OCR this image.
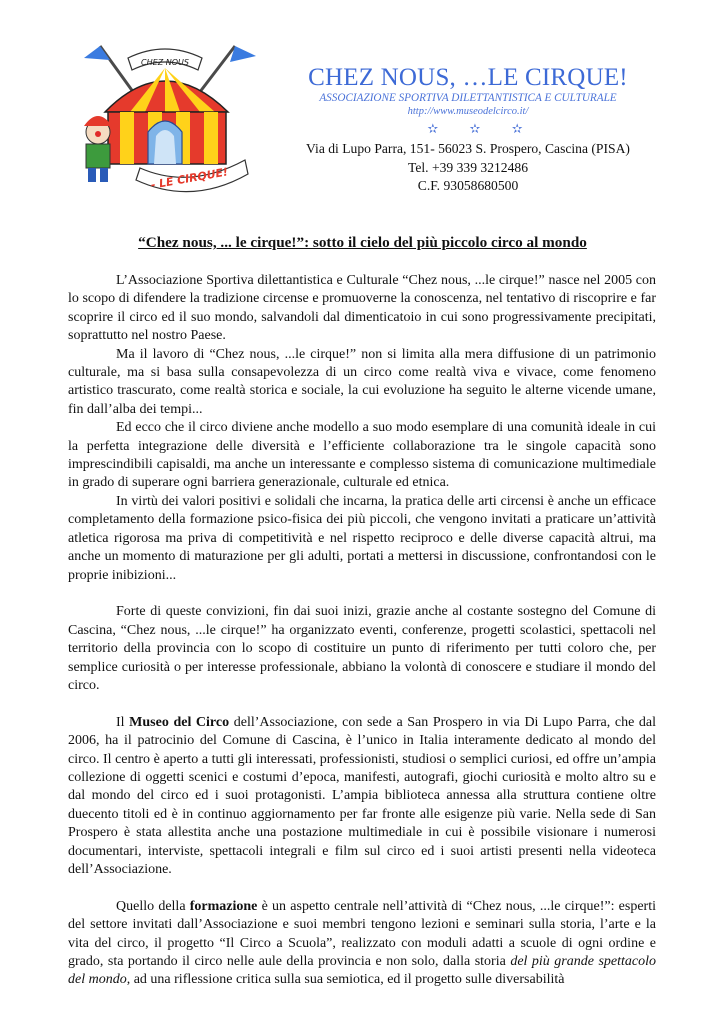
CHEZ NOUS
- LE CIRQUE!
CHEZ NOUS, …LE CIRQUE!
ASSOCIAZIONE SPORTIVA DILETTANTISTICA E CULTURALE
http://www.museodelcirco.it/
✫ ✫ ✫
Via di Lupo Parra, 151- 56023 S. Prospero, Cascina (PISA)
Tel. +39 339 3212486
C.F. 93058680500
“Chez nous, ... le cirque!”: sotto il cielo del più piccolo circo al mondo

L’Associazione Sportiva dilettantistica e Culturale “Chez nous, ...le cirque!” nasce nel 2005 con lo scopo di difendere la tradizione circense e promuoverne la conoscenza, nel tentativo di riscoprire e far scoprire il circo ed il suo mondo, salvandoli dal dimenticatoio in cui sono progressivamente precipitati, soprattutto nel nostro Paese.

Ma il lavoro di “Chez nous, ...le cirque!” non si limita alla mera diffusione di un patrimonio culturale, ma si basa sulla consapevolezza di un circo come realtà viva e vivace, come fenomeno artistico trascurato, come realtà storica e sociale, la cui evoluzione ha seguito le alterne vicende umane, fin dall’alba dei tempi...

Ed ecco che il circo diviene anche modello a suo modo esemplare di una comunità ideale in cui la perfetta integrazione delle diversità e l’efficiente collaborazione tra le singole capacità sono imprescindibili capisaldi, ma anche un interessante e complesso sistema di comunicazione multimediale in grado di superare ogni barriera generazionale, culturale ed etnica.

In virtù dei valori positivi e solidali che incarna, la pratica delle arti circensi è anche un efficace completamento della formazione psico-fisica dei più piccoli, che vengono invitati a praticare un’attività atletica rigorosa ma priva di competitività e nel rispetto reciproco e delle diverse capacità altrui, ma anche un momento di maturazione per gli adulti, portati a mettersi in discussione, confrontandosi con le proprie inibizioni...

Forte di queste convizioni, fin dai suoi inizi, grazie anche al costante sostegno del Comune di Cascina, “Chez nous, ...le cirque!” ha organizzato eventi, conferenze, progetti scolastici, spettacoli nel territorio della provincia con lo scopo di costituire un punto di riferimento per tutti coloro che, per semplice curiosità o per interesse professionale, abbiano la volontà di conoscere e studiare il mondo del circo.

Il Museo del Circo dell’Associazione, con sede a San Prospero in via Di Lupo Parra, che dal 2006, ha il patrocinio del Comune di Cascina, è l’unico in Italia interamente dedicato al mondo del circo. Il centro è aperto a tutti gli interessati, professionisti, studiosi o semplici curiosi, ed offre un’ampia collezione di oggetti scenici e costumi d’epoca, manifesti, autografi, giochi curiosità e molto altro su e dal mondo del circo ed i suoi protagonisti. L’ampia biblioteca annessa alla struttura contiene oltre duecento titoli ed è in continuo aggiornamento per far fronte alle esigenze più varie. Nella sede di San Prospero è stata allestita anche una postazione multimediale in cui è possibile visionare i numerosi documentari, interviste, spettacoli integrali e film sul circo ed i suoi artisti presenti nella videoteca dell’Associazione.

Quello della formazione è un aspetto centrale nell’attività di “Chez nous, ...le cirque!”: esperti del settore invitati dall’Associazione e suoi membri tengono lezioni e seminari sulla storia, l’arte e la vita del circo, il progetto “Il Circo a Scuola”, realizzato con moduli adatti a scuole di ogni ordine e grado, sta portando il circo nelle aule della provincia e non solo, dalla storia del più grande spettacolo del mondo, ad una riflessione critica sulla sua semiotica, ed il progetto sulle diversabilità
